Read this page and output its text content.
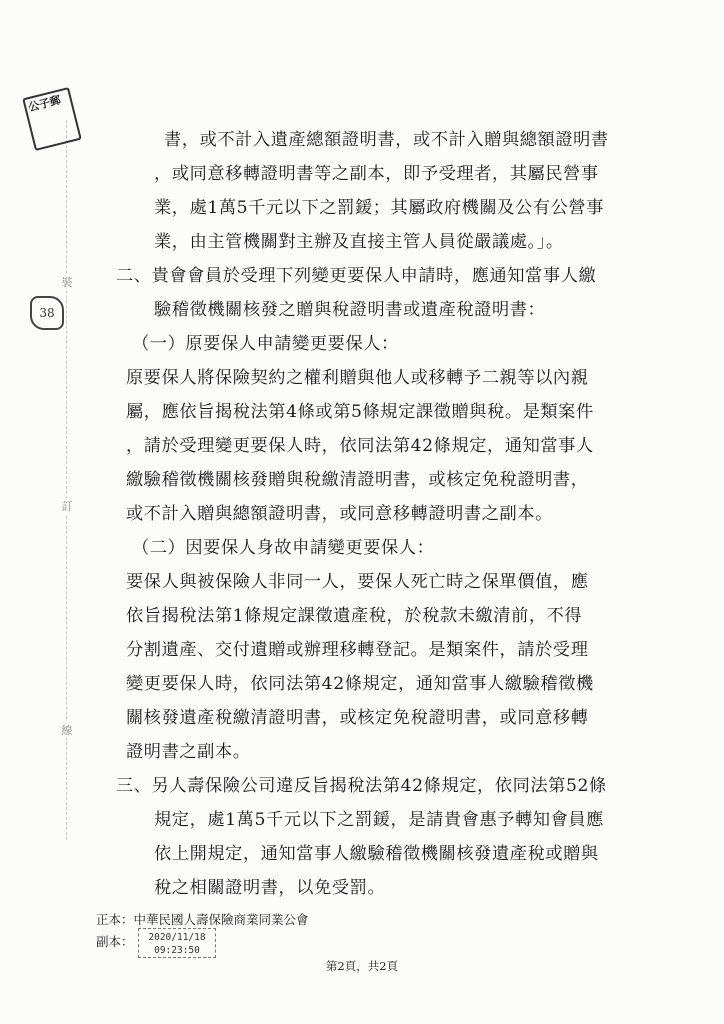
裝
訂
線
公子郵
38
書，或不計入遺產總額證明書，或不計入贈與總額證明書
，或同意移轉證明書等之副本，即予受理者，其屬民營事
業，處1萬5千元以下之罰鍰；其屬政府機關及公有公營事
業，由主管機關對主辦及直接主管人員從嚴議處。」。
二、貴會會員於受理下列變更要保人申請時，應通知當事人繳
驗稽徵機關核發之贈與稅證明書或遺產稅證明書：
（一）原要保人申請變更要保人：
原要保人將保險契約之權利贈與他人或移轉予二親等以內親
屬，應依旨揭稅法第4條或第5條規定課徵贈與稅。是類案件
，請於受理變更要保人時，依同法第42條規定，通知當事人
繳驗稽徵機關核發贈與稅繳清證明書，或核定免稅證明書，
或不計入贈與總額證明書，或同意移轉證明書之副本。
（二）因要保人身故申請變更要保人：
要保人與被保險人非同一人，要保人死亡時之保單價值，應
依旨揭稅法第1條規定課徵遺產稅，於稅款未繳清前，不得
分割遺產、交付遺贈或辦理移轉登記。是類案件，請於受理
變更要保人時，依同法第42條規定，通知當事人繳驗稽徵機
關核發遺產稅繳清證明書，或核定免稅證明書，或同意移轉
證明書之副本。
三、另人壽保險公司違反旨揭稅法第42條規定，依同法第52條
規定，處1萬5千元以下之罰鍰，是請貴會惠予轉知會員應
依上開規定，通知當事人繳驗稽徵機關核發遺產稅或贈與
稅之相關證明書，以免受罰。
正本：中華民國人壽保險商業同業公會
副本：	2020/11/18
09:23:50
第2頁，共2頁
